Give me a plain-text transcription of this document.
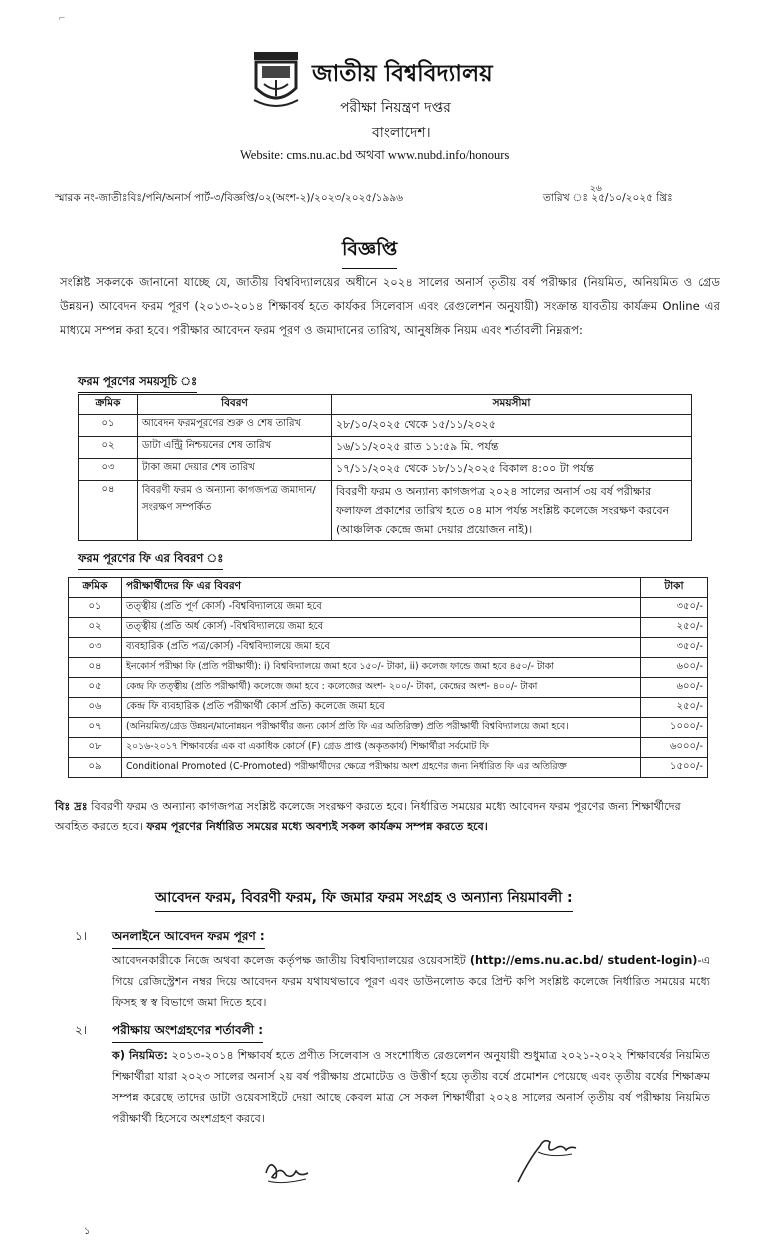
⌐
জাতীয় বিশ্ববিদ্যালয়
পরীক্ষা নিয়ন্ত্রণ দপ্তর
বাংলাদেশ।
Website: cms.nu.ac.bd অথবা www.nubd.info/honours
স্মারক নং-জাতীঃবিঃ/পনি/অনার্স পার্ট-৩/বিজ্ঞপ্তি/০২(অংশ-২)/২০২৩/২০২৫/১৯৯৬
২৬
তারিখ ঃ ২৫/১০/২০২৫ খ্রিঃ
বিজ্ঞপ্তি
সংশ্লিষ্ট সকলকে জানানো যাচ্ছে যে, জাতীয় বিশ্ববিদ্যালয়ের অধীনে ২০২৪ সালের অনার্স তৃতীয় বর্ষ পরীক্ষার (নিয়মিত, অনিয়মিত ও গ্রেড উন্নয়ন) আবেদন ফরম পূরণ (২০১৩-২০১৪ শিক্ষাবর্ষ হতে কার্যকর সিলেবাস এবং রেগুলেশন অনুযায়ী) সংক্রান্ত যাবতীয় কার্যক্রম Online এর মাধ্যমে সম্পন্ন করা হবে। পরীক্ষার আবেদন ফরম পূরণ ও জমাদানের তারিখ, আনুষঙ্গিক নিয়ম এবং শর্তাবলী নিম্নরূপ:
ফরম পূরণের সময়সূচি ঃ
ক্রমিক	বিবরণ	সময়সীমা
০১	আবেদন ফরমপূরণের শুরু ও শেষ তারিখ	২৮/১০/২০২৫ থেকে ১৫/১১/২০২৫
০২	ডাটা এন্ট্রি নিশ্চয়নের শেষ তারিখ	১৬/১১/২০২৫ রাত ১১:৫৯ মি. পর্যন্ত
০৩	টাকা জমা দেয়ার শেষ তারিখ	১৭/১১/২০২৫ থেকে ১৮/১১/২০২৫ বিকাল ৪:০০ টা পর্যন্ত
০৪	বিবরণী ফরম ও অন্যান্য কাগজপত্র জমাদান/সংরক্ষণ সম্পর্কিত	বিবরণী ফরম ও অন্যান্য কাগজপত্র ২০২৪ সালের অনার্স ৩য় বর্ষ পরীক্ষার ফলাফল প্রকাশের তারিখ হতে ০৪ মাস পর্যন্ত সংশ্লিষ্ট কলেজে সংরক্ষণ করবেন (আঞ্চলিক কেন্দ্রে জমা দেয়ার প্রয়োজন নাই)।
ফরম পূরণের ফি এর বিবরণ ঃ
ক্রমিক	পরীক্ষার্থীদের ফি এর বিবরণ	টাকা
০১	তত্ত্বীয় (প্রতি পূর্ণ কোর্স) -বিশ্ববিদ্যালয়ে জমা হবে	৩৫০/-
০২	তত্ত্বীয় (প্রতি অর্ধ কোর্স) -বিশ্ববিদ্যালয়ে জমা হবে	২৫০/-
০৩	ব্যবহারিক (প্রতি পত্র/কোর্স) -বিশ্ববিদ্যালয়ে জমা হবে	৩৫০/-
০৪	ইনকোর্স পরীক্ষা ফি (প্রতি পরীক্ষার্থী): i) বিশ্ববিদ্যালয়ে জমা হবে ১৫০/- টাকা, ii) কলেজ ফান্ডে জমা হবে ৪৫০/- টাকা	৬০০/-
০৫	কেন্দ্র ফি তত্ত্বীয় (প্রতি পরীক্ষার্থী) কলেজে জমা হবে : কলেজের অংশ- ২০০/- টাকা, কেন্দ্রের অংশ- ৪০০/- টাকা	৬০০/-
০৬	কেন্দ্র ফি ব্যবহারিক (প্রতি পরীক্ষার্থী কোর্স প্রতি) কলেজে জমা হবে	২৫০/-
০৭	(অনিয়মিত/গ্রেড উন্নয়ন/মানোন্নয়ন পরীক্ষার্থীর জন্য কোর্স প্রতি ফি এর অতিরিক্ত) প্রতি পরীক্ষার্থী বিশ্ববিদ্যালয়ে জমা হবে।	১০০০/-
০৮	২০১৬-২০১৭ শিক্ষাবর্ষের এক বা একাধিক কোর্সে (F) গ্রেড প্রাপ্ত (অকৃতকার্য) শিক্ষার্থীরা সর্বমোট ফি	৬০০০/-
০৯	Conditional Promoted (C-Promoted) পরীক্ষার্থীদের ক্ষেত্রে পরীক্ষায় অংশ গ্রহণের জন্য নির্ধারিত ফি এর অতিরিক্ত	১৫০০/-
বিঃ দ্রঃ বিবরণী ফরম ও অন্যান্য কাগজপত্র সংশ্লিষ্ট কলেজে সংরক্ষণ করতে হবে। নির্ধারিত সময়ের মধ্যে আবেদন ফরম পূরণের জন্য শিক্ষার্থীদের অবহিত করতে হবে। ফরম পূরণের নির্ধারিত সময়ের মধ্যে অবশ্যই সকল কার্যক্রম সম্পন্ন করতে হবে।
আবেদন ফরম, বিবরণী ফরম, ফি জমার ফরম সংগ্রহ ও অন্যান্য নিয়মাবলী :
১। অনলাইনে আবেদন ফরম পূরণ :
আবেদনকারীকে নিজে অথবা কলেজ কর্তৃপক্ষ জাতীয় বিশ্ববিদ্যালয়ের ওয়েবসাইট (http://ems.nu.ac.bd/ student-login)-এ গিয়ে রেজিস্ট্রেশন নম্বর দিয়ে আবেদন ফরম যথাযথভাবে পূরণ এবং ডাউনলোড করে প্রিন্ট কপি সংশ্লিষ্ট কলেজে নির্ধারিত সময়ের মধ্যে ফিসহ স্ব স্ব বিভাগে জমা দিতে হবে।
২। পরীক্ষায় অংশগ্রহণের শর্তাবলী :
ক) নিয়মিত: ২০১৩-২০১৪ শিক্ষাবর্ষ হতে প্রণীত সিলেবাস ও সংশোধিত রেগুলেশন অনুযায়ী শুধুমাত্র ২০২১-২০২২ শিক্ষাবর্ষের নিয়মিত শিক্ষার্থীরা যারা ২০২৩ সালের অনার্স ২য় বর্ষ পরীক্ষায় প্রমোটেড ও উত্তীর্ণ হয়ে তৃতীয় বর্ষে প্রমোশন পেয়েছে এবং তৃতীয় বর্ষের শিক্ষাক্রম সম্পন্ন করেছে তাদের ডাটা ওয়েবসাইটে দেয়া আছে কেবল মাত্র সে সকল শিক্ষার্থীরা ২০২৪ সালের অনার্স তৃতীয় বর্ষ পরীক্ষায় নিয়মিত পরীক্ষার্থী হিসেবে অংশগ্রহণ করবে।
১
